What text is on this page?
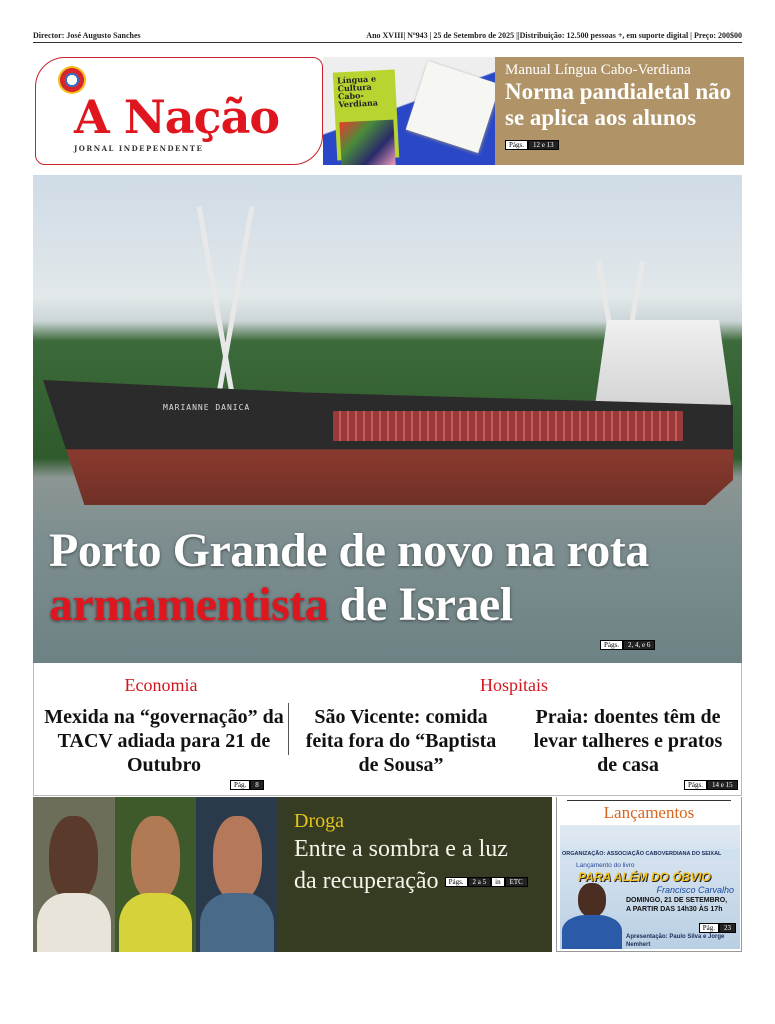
Director: José Augusto Sanches	Ano XVIII| Nº943 | 25 de Setembro de 2025 ||Distribuição: 12.500 pessoas +, em suporte digital | Preço: 200$00
A Nação
JORNAL INDEPENDENTE
Língua e Cultura Cabo-Verdiana
Manual Língua Cabo-Verdiana
Norma pandialetal não se aplica aos alunos Págs. 12 e 13
MARIANNE DANICA
Porto Grande de novo na rota
armamentista de Israel
Págs. 2, 4, e 6
Economia	Hospitais
Mexida na “governação” da TACV adiada para 21 de Outubro
São Vicente: comida feita fora do “Baptista de Sousa”
Praia: doentes têm de levar talheres e pratos de casa
Pág. 8	Págs. 14 e 15
Droga
Entre a sombra e a luz da recuperação Págs. 2 a 5 in ETC
Lançamentos
ORGANIZAÇÃO: ASSOCIAÇÃO CABOVERDIANA DO SEIXAL
Lançamento do livro
PARA ALÉM DO ÓBVIO
Francisco Carvalho
DOMINGO, 21 DE SETEMBRO,
A PARTIR DAS 14h30 ÀS 17h
Pág. 23
Apresentação: Paulo Silva e Jorge Nemhert
